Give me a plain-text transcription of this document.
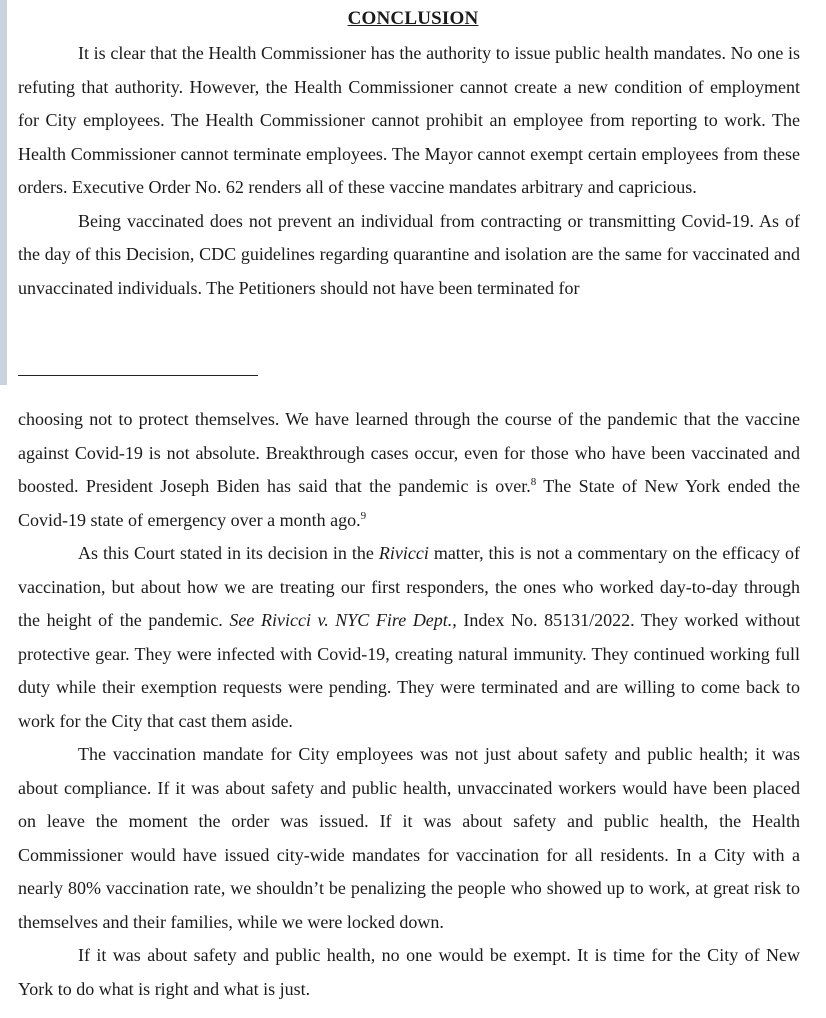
CONCLUSION

It is clear that the Health Commissioner has the authority to issue public health mandates. No one is refuting that authority. However, the Health Commissioner cannot create a new condition of employment for City employees. The Health Commissioner cannot prohibit an employee from reporting to work. The Health Commissioner cannot terminate employees. The Mayor cannot exempt certain employees from these orders. Executive Order No. 62 renders all of these vaccine mandates arbitrary and capricious.

Being vaccinated does not prevent an individual from contracting or transmitting Covid-19. As of the day of this Decision, CDC guidelines regarding quarantine and isolation are the same for vaccinated and unvaccinated individuals. The Petitioners should not have been terminated for

choosing not to protect themselves. We have learned through the course of the pandemic that the vaccine against Covid-19 is not absolute. Breakthrough cases occur, even for those who have been vaccinated and boosted. President Joseph Biden has said that the pandemic is over.$^8$ The State of New York ended the Covid-19 state of emergency over a month ago.$^9$

As this Court stated in its decision in the Rivicci matter, this is not a commentary on the efficacy of vaccination, but about how we are treating our first responders, the ones who worked day-to-day through the height of the pandemic. See Rivicci v. NYC Fire Dept., Index No. 85131/2022. They worked without protective gear. They were infected with Covid-19, creating natural immunity. They continued working full duty while their exemption requests were pending. They were terminated and are willing to come back to work for the City that cast them aside.

The vaccination mandate for City employees was not just about safety and public health; it was about compliance. If it was about safety and public health, unvaccinated workers would have been placed on leave the moment the order was issued. If it was about safety and public health, the Health Commissioner would have issued city-wide mandates for vaccination for all residents. In a City with a nearly 80% vaccination rate, we shouldn’t be penalizing the people who showed up to work, at great risk to themselves and their families, while we were locked down.

If it was about safety and public health, no one would be exempt. It is time for the City of New York to do what is right and what is just.
